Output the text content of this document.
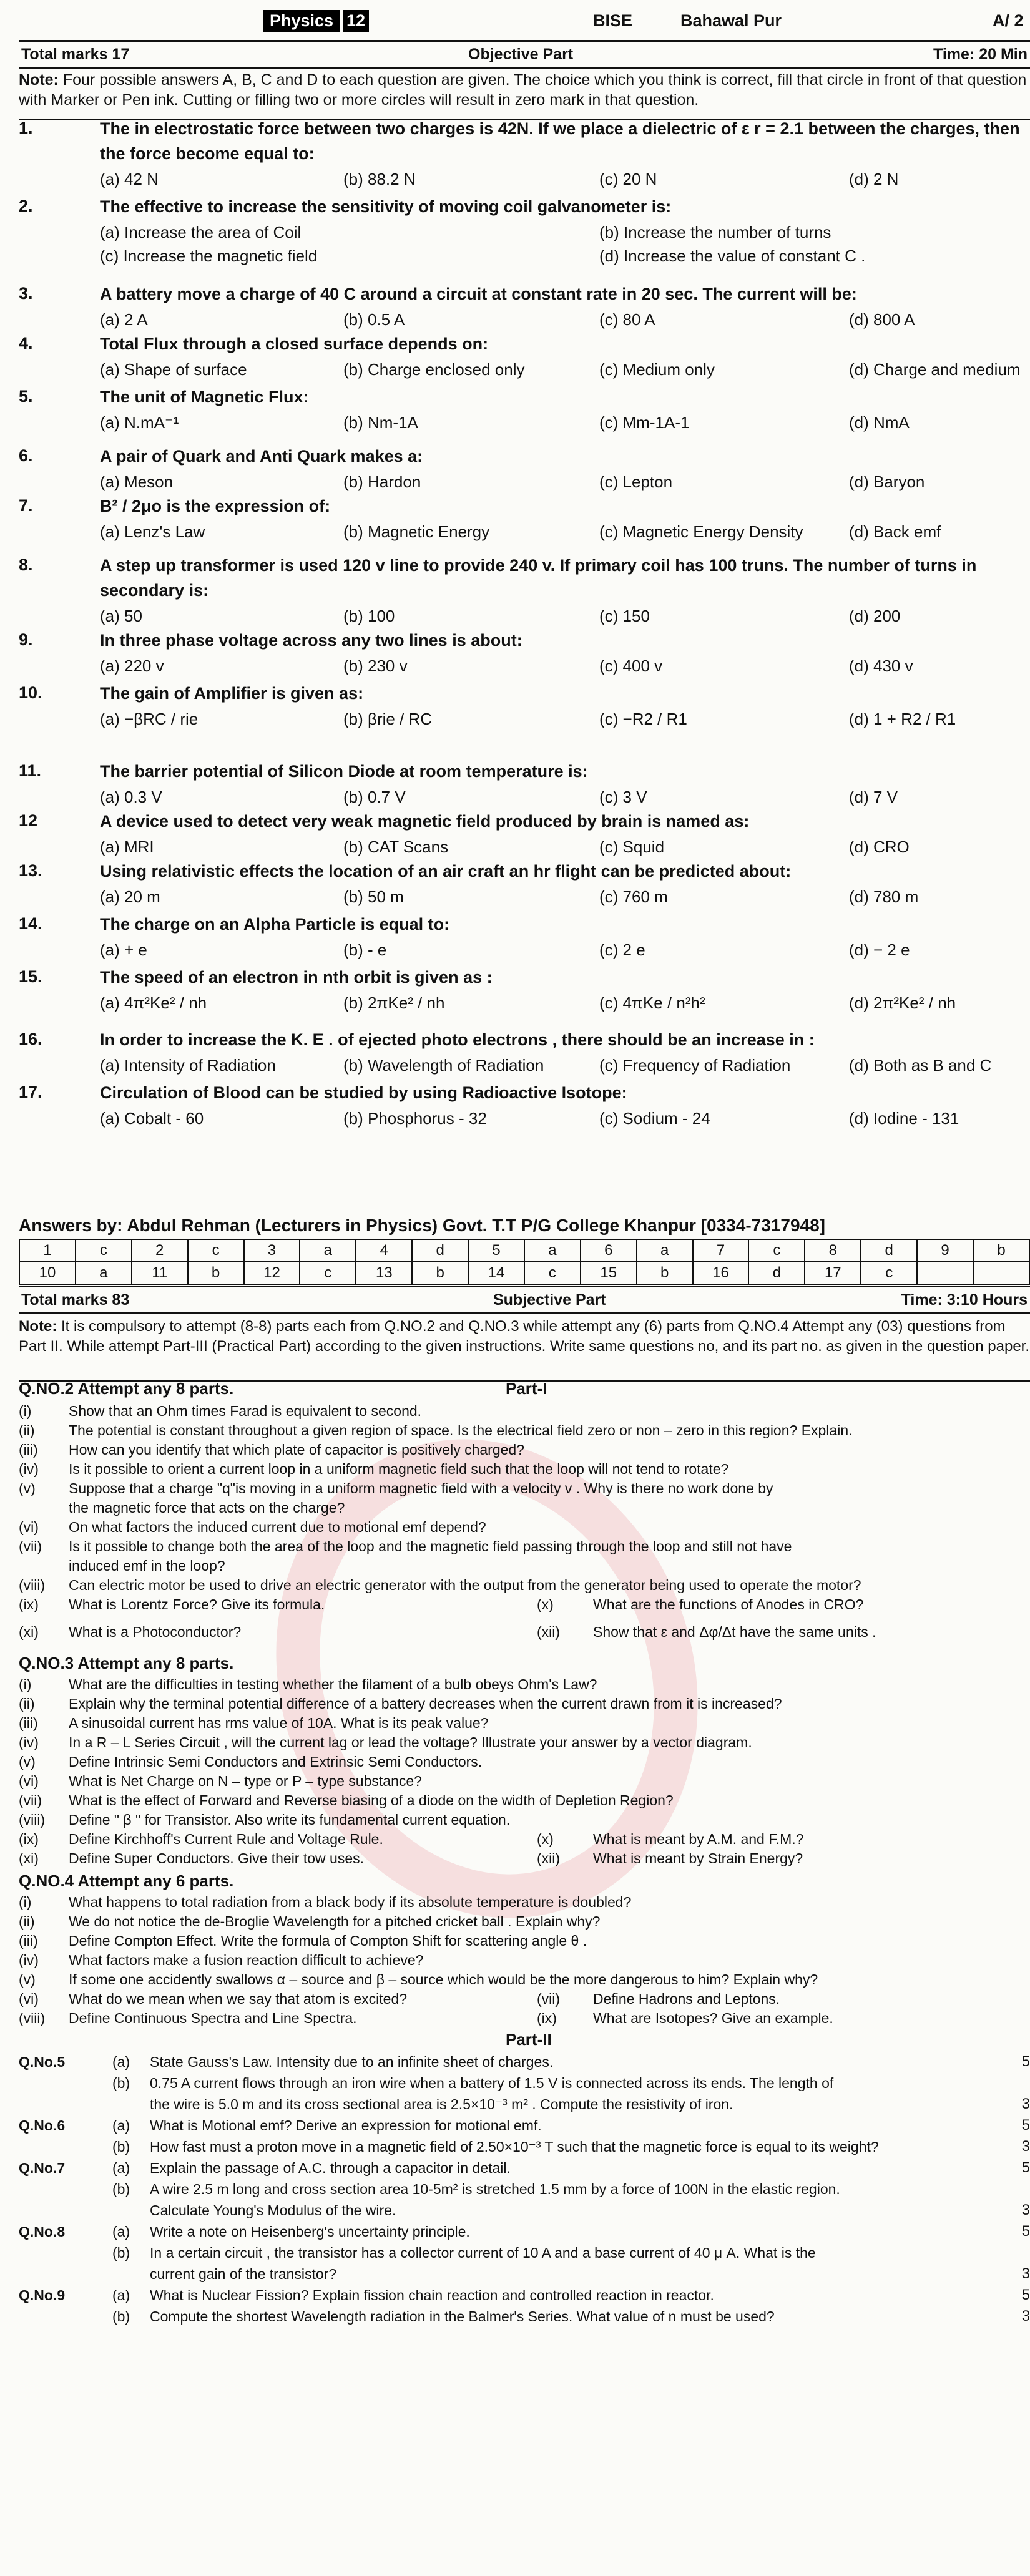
Physics 12	BISE	Bahawal Pur	A/ 2
Total marks 17	Objective Part	Time: 20 Min
Note: Four possible answers A, B, C and D to each question are given. The choice which you think is correct, fill that circle in front of that question with Marker or Pen ink. Cutting or filling two or more circles will result in zero mark in that question.
1.	The in electrostatic force between two charges is 42N. If we place a dielectric of ε r = 2.1 between the charges, then the force become equal to:
(a) 42 N	(b) 88.2 N	(c) 20 N	(d) 2 N
2.	The effective to increase the sensitivity of moving coil galvanometer is:
(a) Increase the area of Coil	(b) Increase the number of turns
(c) Increase the magnetic field	(d) Increase the value of constant C .
3.	A battery move a charge of 40 C around a circuit at constant rate in 20 sec. The current will be:
(a) 2 A	(b) 0.5 A	(c) 80 A	(d) 800 A
4.	Total Flux through a closed surface depends on:
(a) Shape of surface	(b) Charge enclosed only	(c) Medium only	(d) Charge and medium
5.	The unit of Magnetic Flux:
(a) N.mA⁻¹	(b) Nm-1A	(c) Mm-1A-1	(d) NmA
6.	A pair of Quark and Anti Quark makes a:
(a) Meson	(b) Hardon	(c) Lepton	(d) Baryon
7.	B² / 2μo is the expression of:
(a) Lenz's Law	(b) Magnetic Energy	(c) Magnetic Energy Density	(d) Back emf
8.	A step up transformer is used 120 v line to provide 240 v. If primary coil has 100 truns. The number of turns in secondary is:
(a) 50	(b) 100	(c) 150	(d) 200
9.	In three phase voltage across any two lines is about:
(a) 220 v	(b) 230 v	(c) 400 v	(d) 430 v
10.	The gain of Amplifier is given as:
(a) −βRC / rie	(b) βrie / RC	(c) −R2 / R1	(d) 1 + R2 / R1
11.	The barrier potential of Silicon Diode at room temperature is:
(a) 0.3 V	(b) 0.7 V	(c) 3 V	(d) 7 V
12	A device used to detect very weak magnetic field produced by brain is named as:
(a) MRI	(b) CAT Scans	(c) Squid	(d) CRO
13.	Using relativistic effects the location of an air craft an hr flight can be predicted about:
(a) 20 m	(b) 50 m	(c) 760 m	(d) 780 m
14.	The charge on an Alpha Particle is equal to:
(a) + e	(b) - e	(c) 2 e	(d) − 2 e
15.	The speed of an electron in nth orbit is given as :
(a) 4π²Ke² / nh	(b) 2πKe² / nh	(c) 4πKe / n²h²	(d) 2π²Ke² / nh
16.	In order to increase the K. E . of ejected photo electrons , there should be an increase in :
(a) Intensity of Radiation	(b) Wavelength of Radiation	(c) Frequency of Radiation	(d) Both as B and C
17.	Circulation of Blood can be studied by using Radioactive Isotope:
(a) Cobalt - 60	(b) Phosphorus - 32	(c) Sodium - 24	(d) Iodine - 131
Answers by: Abdul Rehman (Lecturers in Physics) Govt. T.T P/G College Khanpur [0334-7317948]
1	c	2	c	3	a	4	d	5	a	6	a	7	c	8	d	9	b
10	a	11	b	12	c	13	b	14	c	15	b	16	d	17	c		
Total marks 83	Subjective Part	Time: 3:10 Hours
Note: It is compulsory to attempt (8-8) parts each from Q.NO.2 and Q.NO.3 while attempt any (6) parts from Q.NO.4 Attempt any (03) questions from Part II. While attempt Part-III (Practical Part) according to the given instructions. Write same questions no, and its part no. as given in the question paper.
Q.NO.2 Attempt any 8 parts.	Part-I
(i)	Show that an Ohm times Farad is equivalent to second.
(ii)	The potential is constant throughout a given region of space. Is the electrical field zero or non – zero in this region? Explain.
(iii)	How can you identify that which plate of capacitor is positively charged?
(iv)	Is it possible to orient a current loop in a uniform magnetic field such that the loop will not tend to rotate?
(v)	Suppose that a charge "q"is moving in a uniform magnetic field with a velocity v . Why is there no work done by
the magnetic force that acts on the charge?
(vi)	On what factors the induced current due to motional emf depend?
(vii)	Is it possible to change both the area of the loop and the magnetic field passing through the loop and still not have
induced emf in the loop?
(viii)	Can electric motor be used to drive an electric generator with the output from the generator being used to operate the motor?
(ix)	What is Lorentz Force? Give its formula.	(x)	What are the functions of Anodes in CRO?
(xi)	What is a Photoconductor?	(xii) Show that ε and Δφ/Δt have the same units .
Q.NO.3 Attempt any 8 parts.
(i)	What are the difficulties in testing whether the filament of a bulb obeys Ohm's Law?
(ii)	Explain why the terminal potential difference of a battery decreases when the current drawn from it is increased?
(iii)	A sinusoidal current has rms value of 10A. What is its peak value?
(iv)	In a R – L Series Circuit , will the current lag or lead the voltage? Illustrate your answer by a vector diagram.
(v)	Define Intrinsic Semi Conductors and Extrinsic Semi Conductors.
(vi)	What is Net Charge on N – type or P – type substance?
(vii)	What is the effect of Forward and Reverse biasing of a diode on the width of Depletion Region?
(viii)	Define " β " for Transistor. Also write its fundamental current equation.
(ix)	Define Kirchhoff's Current Rule and Voltage Rule.	(x)	What is meant by A.M. and F.M.?
(xi)	Define Super Conductors. Give their tow uses.	(xii) What is meant by Strain Energy?
Q.NO.4 Attempt any 6 parts.
(i)	What happens to total radiation from a black body if its absolute temperature is doubled?
(ii)	We do not notice the de-Broglie Wavelength for a pitched cricket ball . Explain why?
(iii)	Define Compton Effect. Write the formula of Compton Shift for scattering angle θ .
(iv)	What factors make a fusion reaction difficult to achieve?
(v)	If some one accidently swallows α – source and β – source which would be the more dangerous to him? Explain why?
(vi)	What do we mean when we say that atom is excited?	(vii) Define Hadrons and Leptons.
(viii)	Define Continuous Spectra and Line Spectra.	(ix)	What are Isotopes? Give an example.
Part-II
Q.No.5	(a) State Gauss's Law. Intensity due to an infinite sheet of charges.	5
(b) 0.75 A current flows through an iron wire when a battery of 1.5 V is connected across its ends. The length of
the wire is 5.0 m and its cross sectional area is 2.5×10⁻³ m² . Compute the resistivity of iron.	3
Q.No.6	(a) What is Motional emf? Derive an expression for motional emf.	5
(b) How fast must a proton move in a magnetic field of 2.50×10⁻³ T such that the magnetic force is equal to its weight?	3
Q.No.7	(a) Explain the passage of A.C. through a capacitor in detail.	5
(b) A wire 2.5 m long and cross section area 10-5m² is stretched 1.5 mm by a force of 100N in the elastic region.
Calculate Young's Modulus of the wire.	3
Q.No.8	(a) Write a note on Heisenberg's uncertainty principle.	5
(b) In a certain circuit , the transistor has a collector current of 10 A and a base current of 40 μ A. What is the
current gain of the transistor?	3
Q.No.9	(a) What is Nuclear Fission? Explain fission chain reaction and controlled reaction in reactor.	5
(b) Compute the shortest Wavelength radiation in the Balmer's Series. What value of n must be used?	3
